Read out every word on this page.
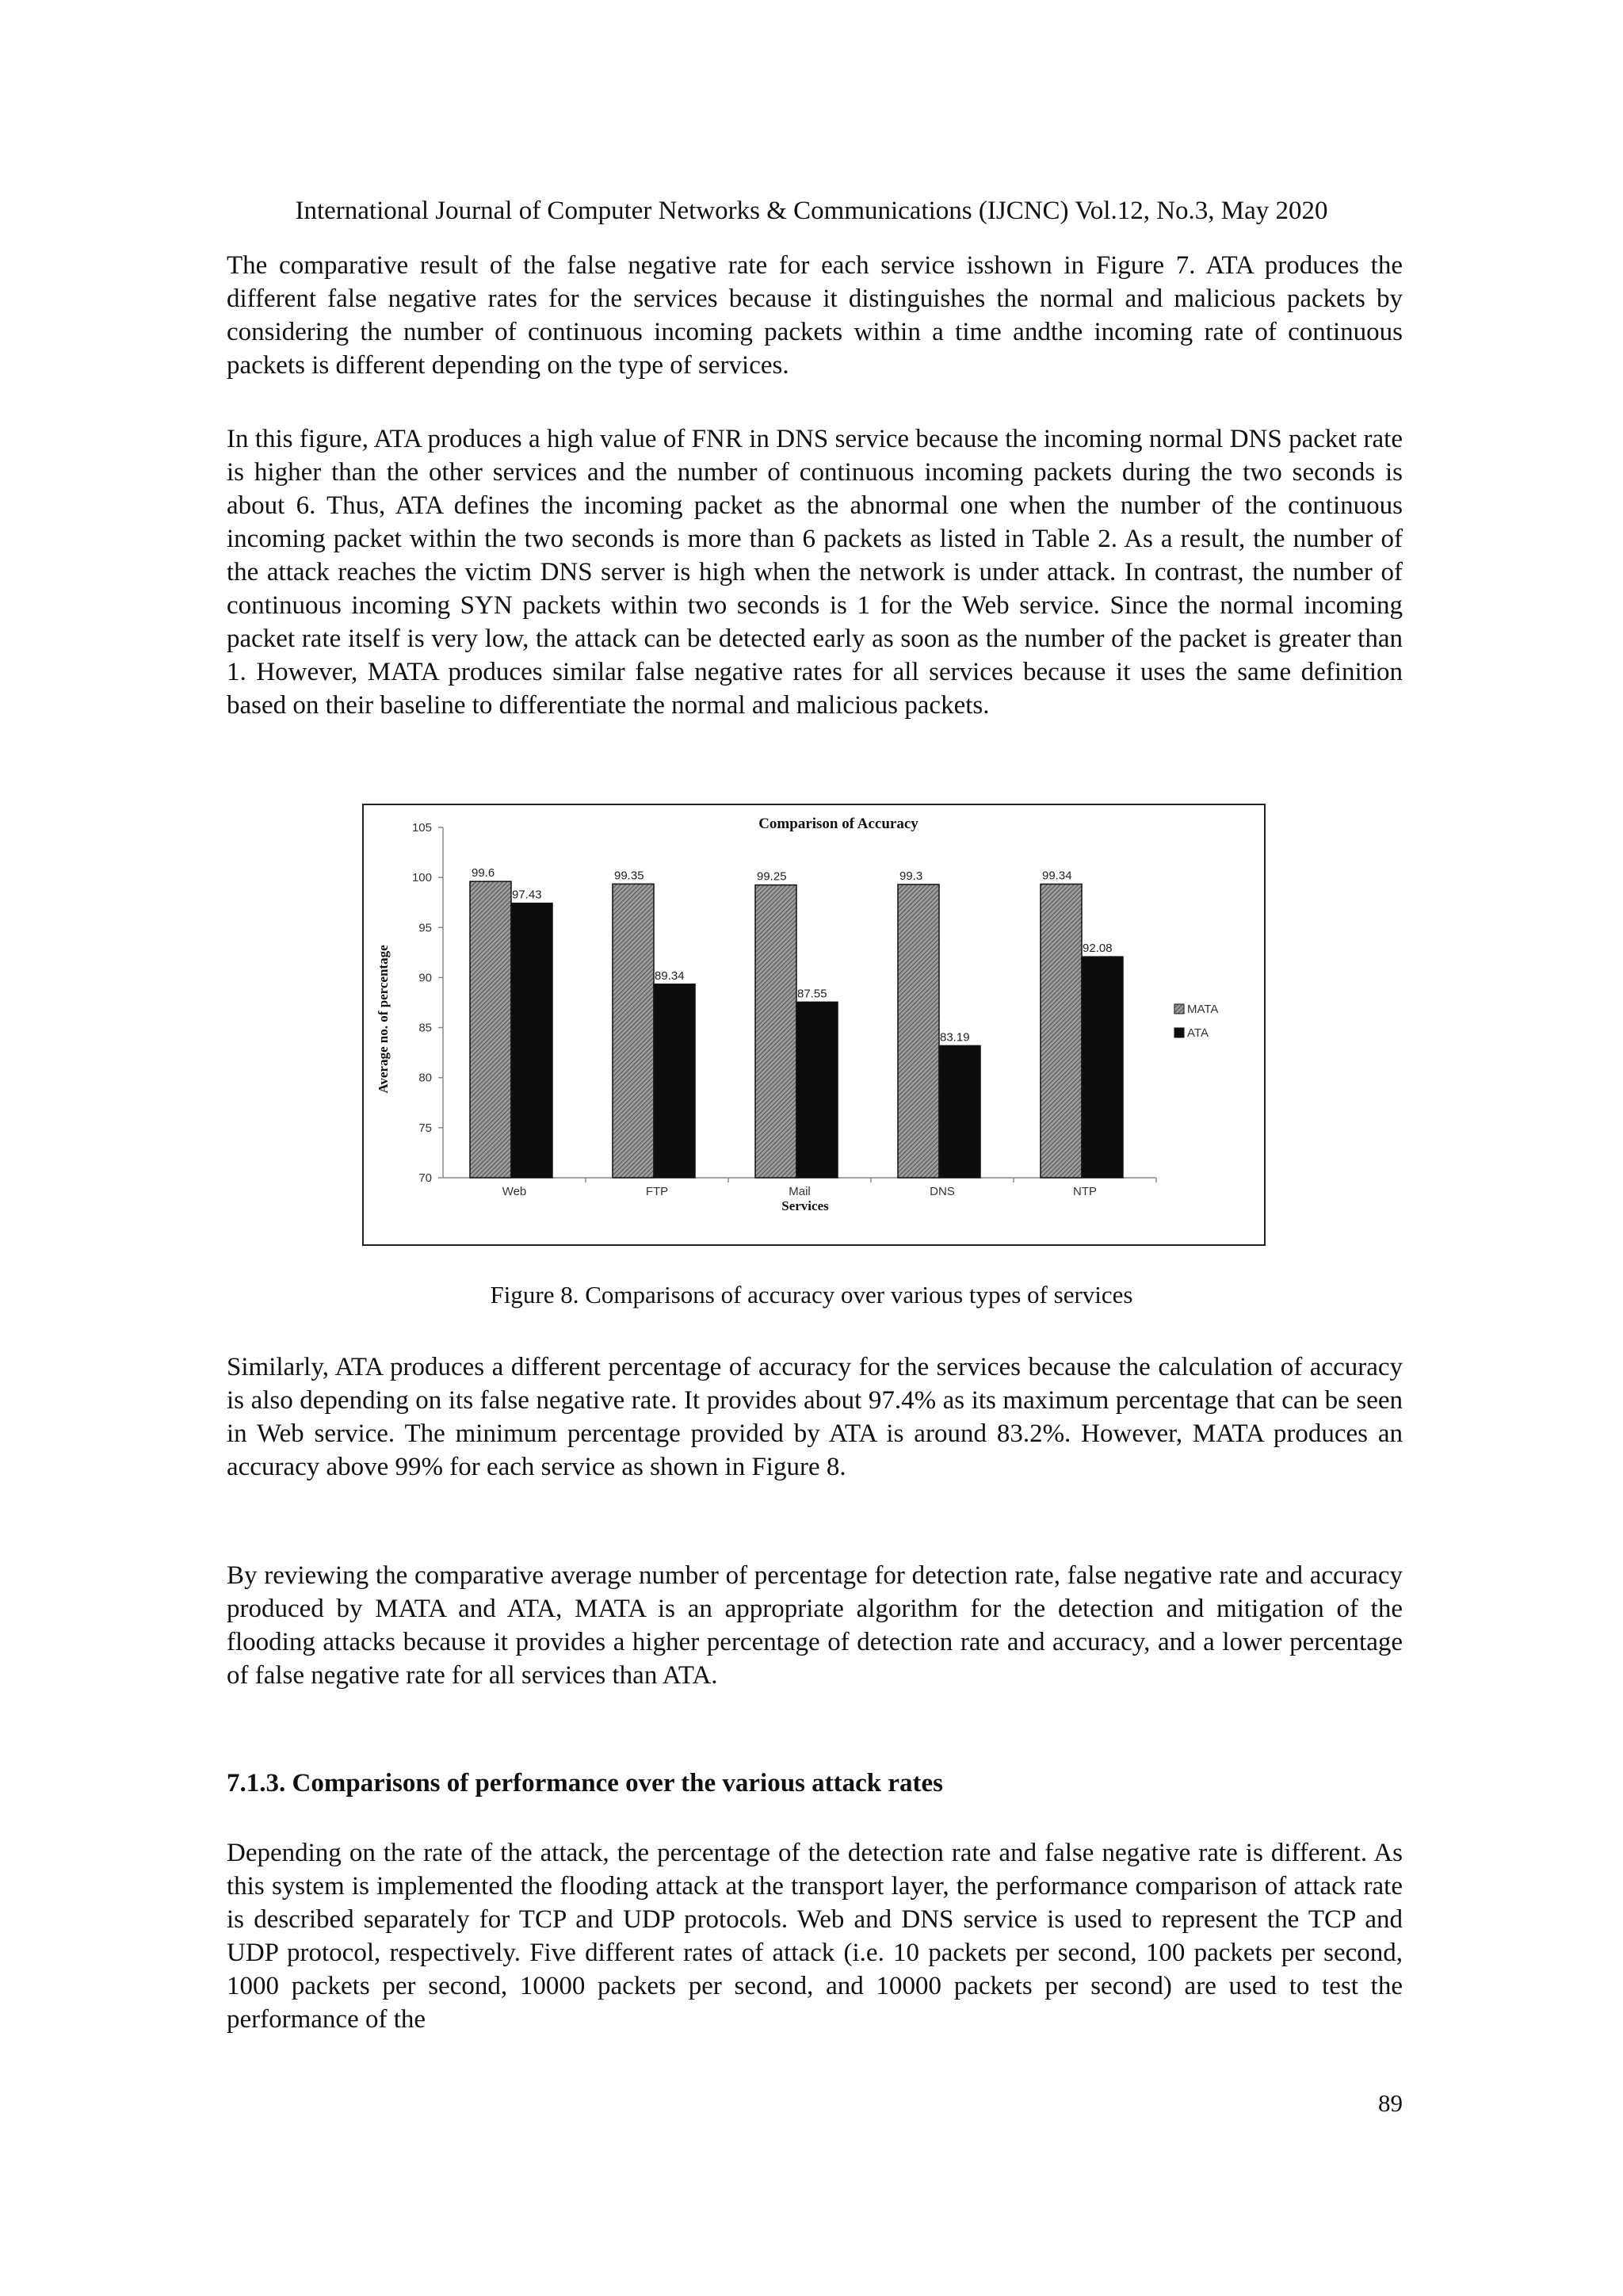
International Journal of Computer Networks & Communications (IJCNC) Vol.12, No.3, May 2020

The comparative result of the false negative rate for each service isshown in Figure 7. ATA produces the different false negative rates for the services because it distinguishes the normal and malicious packets by considering the number of continuous incoming packets within a time andthe incoming rate of continuous packets is different depending on the type of services.

In this figure, ATA produces a high value of FNR in DNS service because the incoming normal DNS packet rate is higher than the other services and the number of continuous incoming packets during the two seconds is about 6. Thus, ATA defines the incoming packet as the abnormal one when the number of the continuous incoming packet within the two seconds is more than 6 packets as listed in Table 2. As a result, the number of the attack reaches the victim DNS server is high when the network is under attack. In contrast, the number of continuous incoming SYN packets within two seconds is 1 for the Web service. Since the normal incoming packet rate itself is very low, the attack can be detected early as soon as the number of the packet is greater than 1. However, MATA produces similar false negative rates for all services because it uses the same definition based on their baseline to differentiate the normal and malicious packets.

Average no. of percentage
Comparison of Accuracy
Services
70
75
80
85
90
95
100
105
Web
99.6
97.43
FTP
99.35
89.34
Mail
99.25
87.55
DNS
99.3
83.19
NTP
99.34
92.08
MATA
ATA
Figure 8. Comparisons of accuracy over various types of services

Similarly, ATA produces a different percentage of accuracy for the services because the calculation of accuracy is also depending on its false negative rate. It provides about 97.4% as its maximum percentage that can be seen in Web service. The minimum percentage provided by ATA is around 83.2%. However, MATA produces an accuracy above 99% for each service as shown in Figure 8.

By reviewing the comparative average number of percentage for detection rate, false negative rate and accuracy produced by MATA and ATA, MATA is an appropriate algorithm for the detection and mitigation of the flooding attacks because it provides a higher percentage of detection rate and accuracy, and a lower percentage of false negative rate for all services than ATA.

7.1.3. Comparisons of performance over the various attack rates

Depending on the rate of the attack, the percentage of the detection rate and false negative rate is different. As this system is implemented the flooding attack at the transport layer, the performance comparison of attack rate is described separately for TCP and UDP protocols. Web and DNS service is used to represent the TCP and UDP protocol, respectively. Five different rates of attack (i.e. 10 packets per second, 100 packets per second, 1000 packets per second, 10000 packets per second, and 10000 packets per second) are used to test the performance of the

89
